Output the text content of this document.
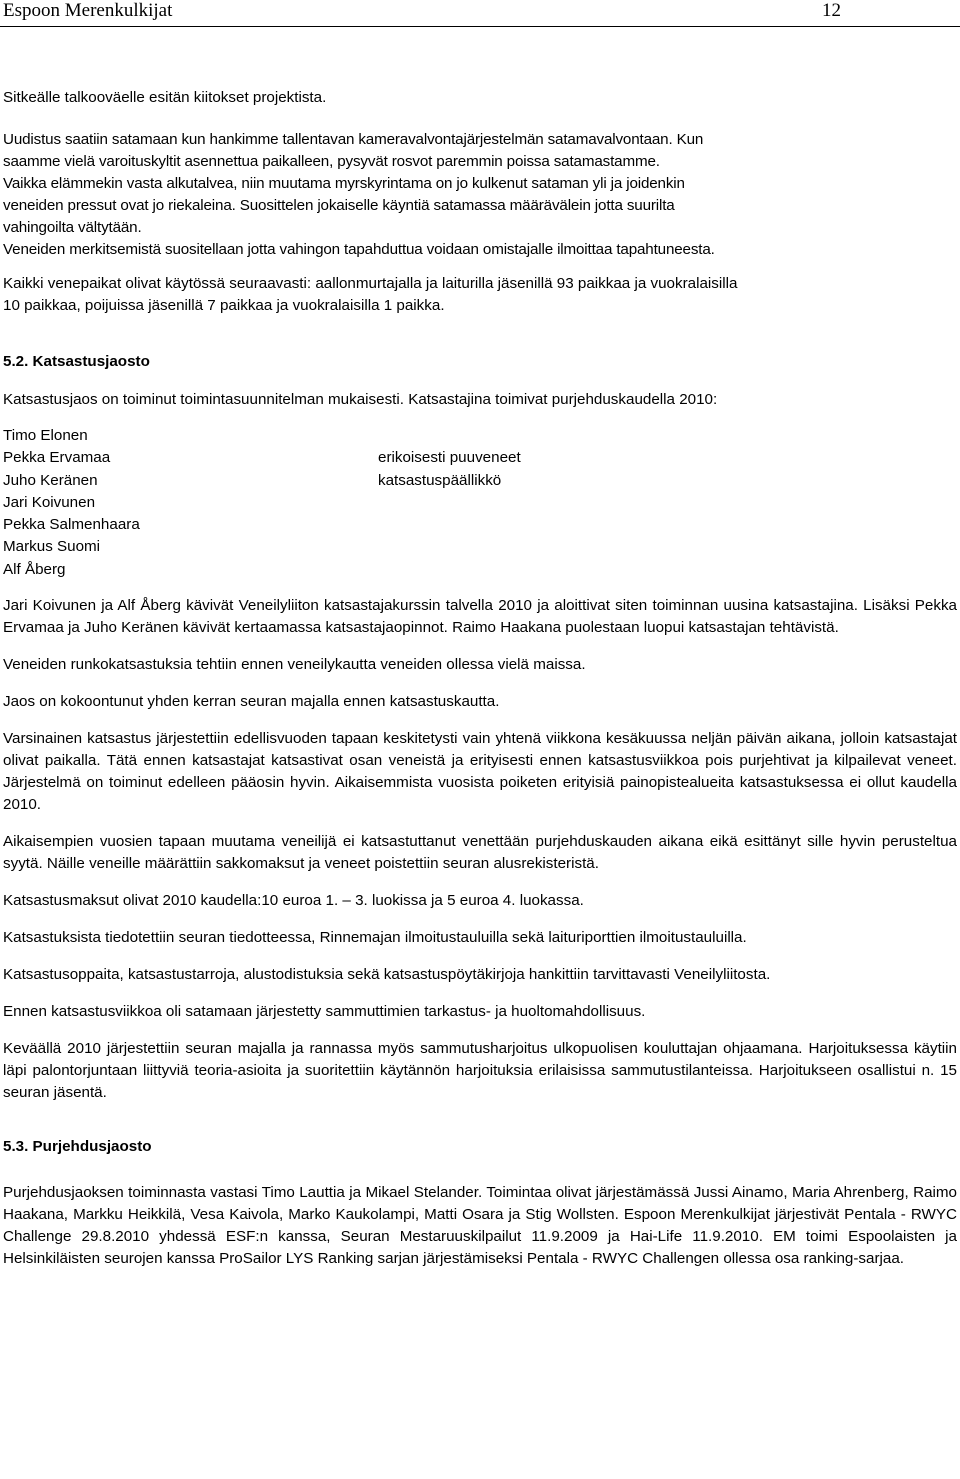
Espoon Merenkulkijat	12

Sitkeälle talkooväelle esitän kiitokset projektista.

Uudistus saatiin satamaan kun hankimme tallentavan kameravalvontajärjestelmän satamavalvontaan. Kun
saamme vielä varoituskyltit asennettua paikalleen, pysyvät rosvot paremmin poissa satamastamme.
Vaikka elämmekin vasta alkutalvea, niin muutama myrskyrintama on jo kulkenut sataman yli ja joidenkin
veneiden pressut ovat jo riekaleina. Suosittelen jokaiselle käyntiä satamassa määrävälein jotta suurilta
vahingoilta vältytään.
Veneiden merkitsemistä suositellaan jotta vahingon tapahduttua voidaan omistajalle ilmoittaa tapahtuneesta.
Kaikki venepaikat olivat käytössä seuraavasti: aallonmurtajalla ja laiturilla jäsenillä 93 paikkaa ja vuokralaisilla
10 paikkaa, poijuissa jäsenillä 7 paikkaa ja vuokralaisilla 1 paikka.

5.2. Katsastusjaosto

Katsastusjaos on toiminut toimintasuunnitelman mukaisesti. Katsastajina toimivat purjehduskaudella 2010:

Timo Elonen
Pekka Ervamaa
Juho Keränen
Jari Koivunen
Pekka Salmenhaara
Markus Suomi
Alf Åberg
erikoisesti puuveneet
katsastuspäällikkö

Jari Koivunen ja Alf Åberg kävivät Veneilyliiton katsastajakurssin talvella 2010 ja aloittivat siten toiminnan uusina katsastajina. Lisäksi Pekka Ervamaa ja Juho Keränen kävivät kertaamassa katsastajaopinnot. Raimo Haakana puolestaan luopui katsastajan tehtävistä.

Veneiden runkokatsastuksia tehtiin ennen veneilykautta veneiden ollessa vielä maissa.

Jaos on kokoontunut yhden kerran seuran majalla ennen katsastuskautta.

Varsinainen katsastus järjestettiin edellisvuoden tapaan keskitetysti vain yhtenä viikkona kesäkuussa neljän päivän aikana, jolloin katsastajat olivat paikalla. Tätä ennen katsastajat katsastivat osan veneistä ja erityisesti ennen katsastusviikkoa pois purjehtivat ja kilpailevat veneet. Järjestelmä on toiminut edelleen pääosin hyvin. Aikaisemmista vuosista poiketen erityisiä painopistealueita katsastuksessa ei ollut kaudella 2010.

Aikaisempien vuosien tapaan muutama veneilijä ei katsastuttanut venettään purjehduskauden aikana eikä esittänyt sille hyvin perusteltua syytä. Näille veneille määrättiin sakkomaksut ja veneet poistettiin seuran alusrekisteristä.

Katsastusmaksut olivat 2010 kaudella:10 euroa 1. – 3. luokissa ja 5 euroa 4. luokassa.

Katsastuksista tiedotettiin seuran tiedotteessa, Rinnemajan ilmoitustauluilla sekä laituriporttien ilmoitustauluilla.

Katsastusoppaita, katsastustarroja, alustodistuksia sekä katsastuspöytäkirjoja hankittiin tarvittavasti Veneilyliitosta.

Ennen katsastusviikkoa oli satamaan järjestetty sammuttimien tarkastus- ja huoltomahdollisuus.

Keväällä 2010 järjestettiin seuran majalla ja rannassa myös sammutusharjoitus ulkopuolisen kouluttajan ohjaamana. Harjoituksessa käytiin läpi palontorjuntaan liittyviä teoria-asioita ja suoritettiin käytännön harjoituksia erilaisissa sammutustilanteissa. Harjoitukseen osallistui n. 15 seuran jäsentä.

5.3. Purjehdusjaosto

Purjehdusjaoksen toiminnasta vastasi Timo Lauttia ja Mikael Stelander. Toimintaa olivat järjestämässä Jussi Ainamo, Maria Ahrenberg, Raimo Haakana, Markku Heikkilä, Vesa Kaivola, Marko Kaukolampi, Matti Osara ja Stig Wollsten. Espoon Merenkulkijat järjestivät Pentala - RWYC Challenge 29.8.2010 yhdessä ESF:n kanssa, Seuran Mestaruuskilpailut 11.9.2009 ja Hai-Life 11.9.2010. EM toimi Espoolaisten ja Helsinkiläisten seurojen kanssa ProSailor LYS Ranking sarjan järjestämiseksi Pentala - RWYC Challengen ollessa osa ranking-sarjaa.
